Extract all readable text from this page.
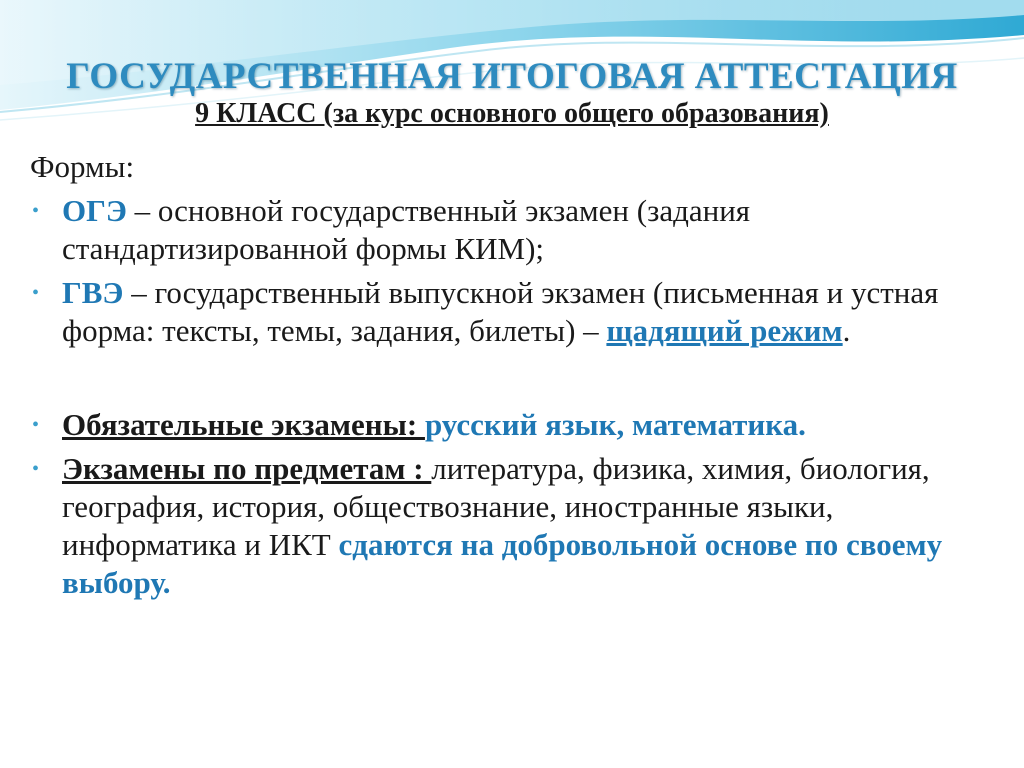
ГОСУДАРСТВЕННАЯ ИТОГОВАЯ АТТЕСТАЦИЯ
9 КЛАСС (за курс основного общего образования)
Формы:
• ОГЭ – основной государственный экзамен (задания стандартизированной формы КИМ);
• ГВЭ – государственный выпускной экзамен (письменная и устная форма: тексты, темы, задания, билеты) – щадящий режим.
• Обязательные экзамены: русский язык, математика.
• Экзамены по предметам : литература, физика, химия, биология, география, история, обществознание, иностранные языки, информатика и ИКТ сдаются на добровольной основе по своему выбору.
